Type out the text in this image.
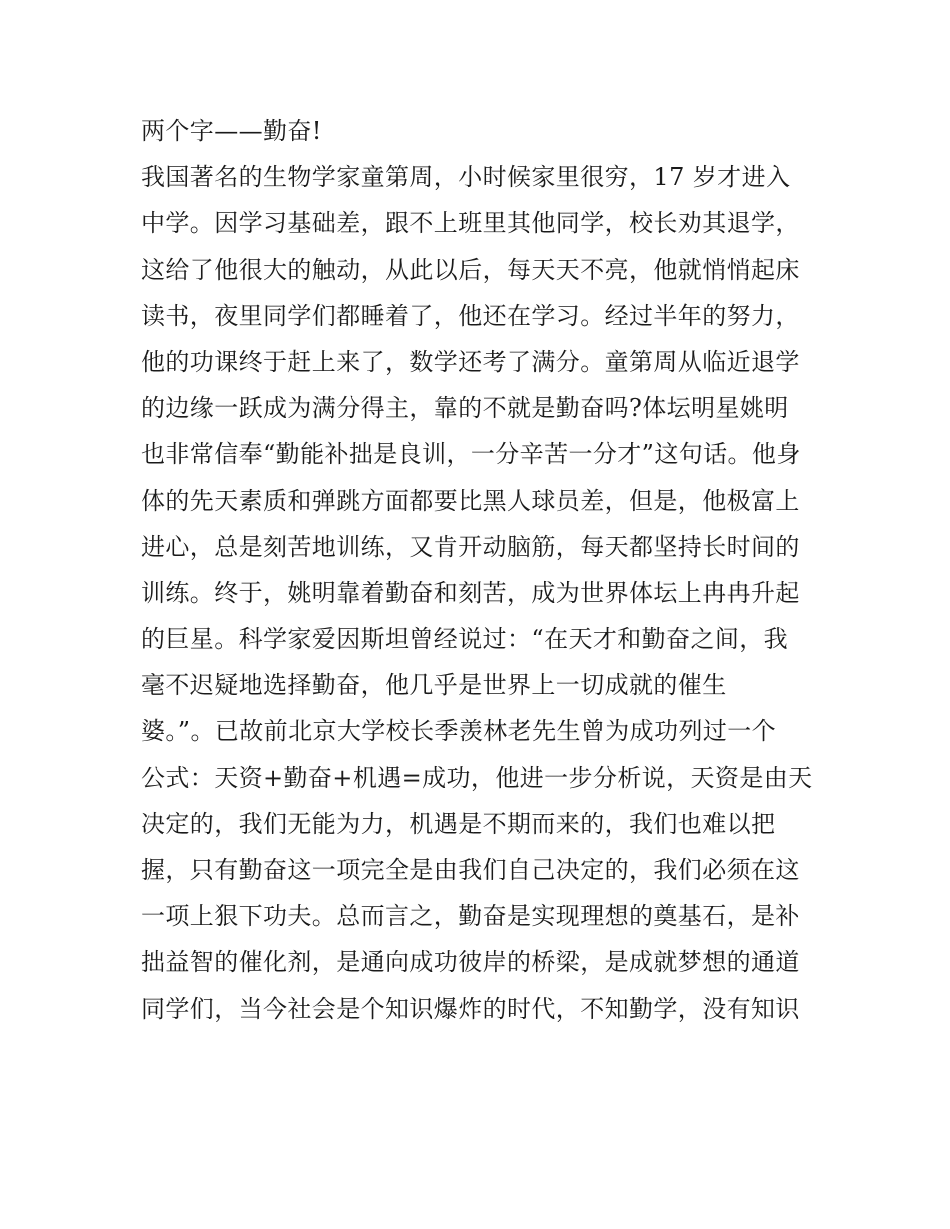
两个字——勤奋!
我国著名的生物学家童第周，小时候家里很穷，17 岁才进入
中学。因学习基础差，跟不上班里其他同学，校长劝其退学，
这给了他很大的触动，从此以后，每天天不亮，他就悄悄起床
读书，夜里同学们都睡着了，他还在学习。经过半年的努力，
他的功课终于赶上来了，数学还考了满分。童第周从临近退学
的边缘一跃成为满分得主，靠的不就是勤奋吗?体坛明星姚明
也非常信奉“勤能补拙是良训，一分辛苦一分才”这句话。他身
体的先天素质和弹跳方面都要比黑人球员差，但是，他极富上
进心，总是刻苦地训练，又肯开动脑筋，每天都坚持长时间的
训练。终于，姚明靠着勤奋和刻苦，成为世界体坛上冉冉升起
的巨星。科学家爱因斯坦曾经说过：“在天才和勤奋之间，我
毫不迟疑地选择勤奋，他几乎是世界上一切成就的催生
婆。”。已故前北京大学校长季羡林老先生曾为成功列过一个
公式：天资+勤奋+机遇=成功，他进一步分析说，天资是由天
决定的，我们无能为力，机遇是不期而来的，我们也难以把
握，只有勤奋这一项完全是由我们自己决定的，我们必须在这
一项上狠下功夫。总而言之，勤奋是实现理想的奠基石，是补
拙益智的催化剂，是通向成功彼岸的桥梁，是成就梦想的通道
同学们，当今社会是个知识爆炸的时代，不知勤学，没有知识
